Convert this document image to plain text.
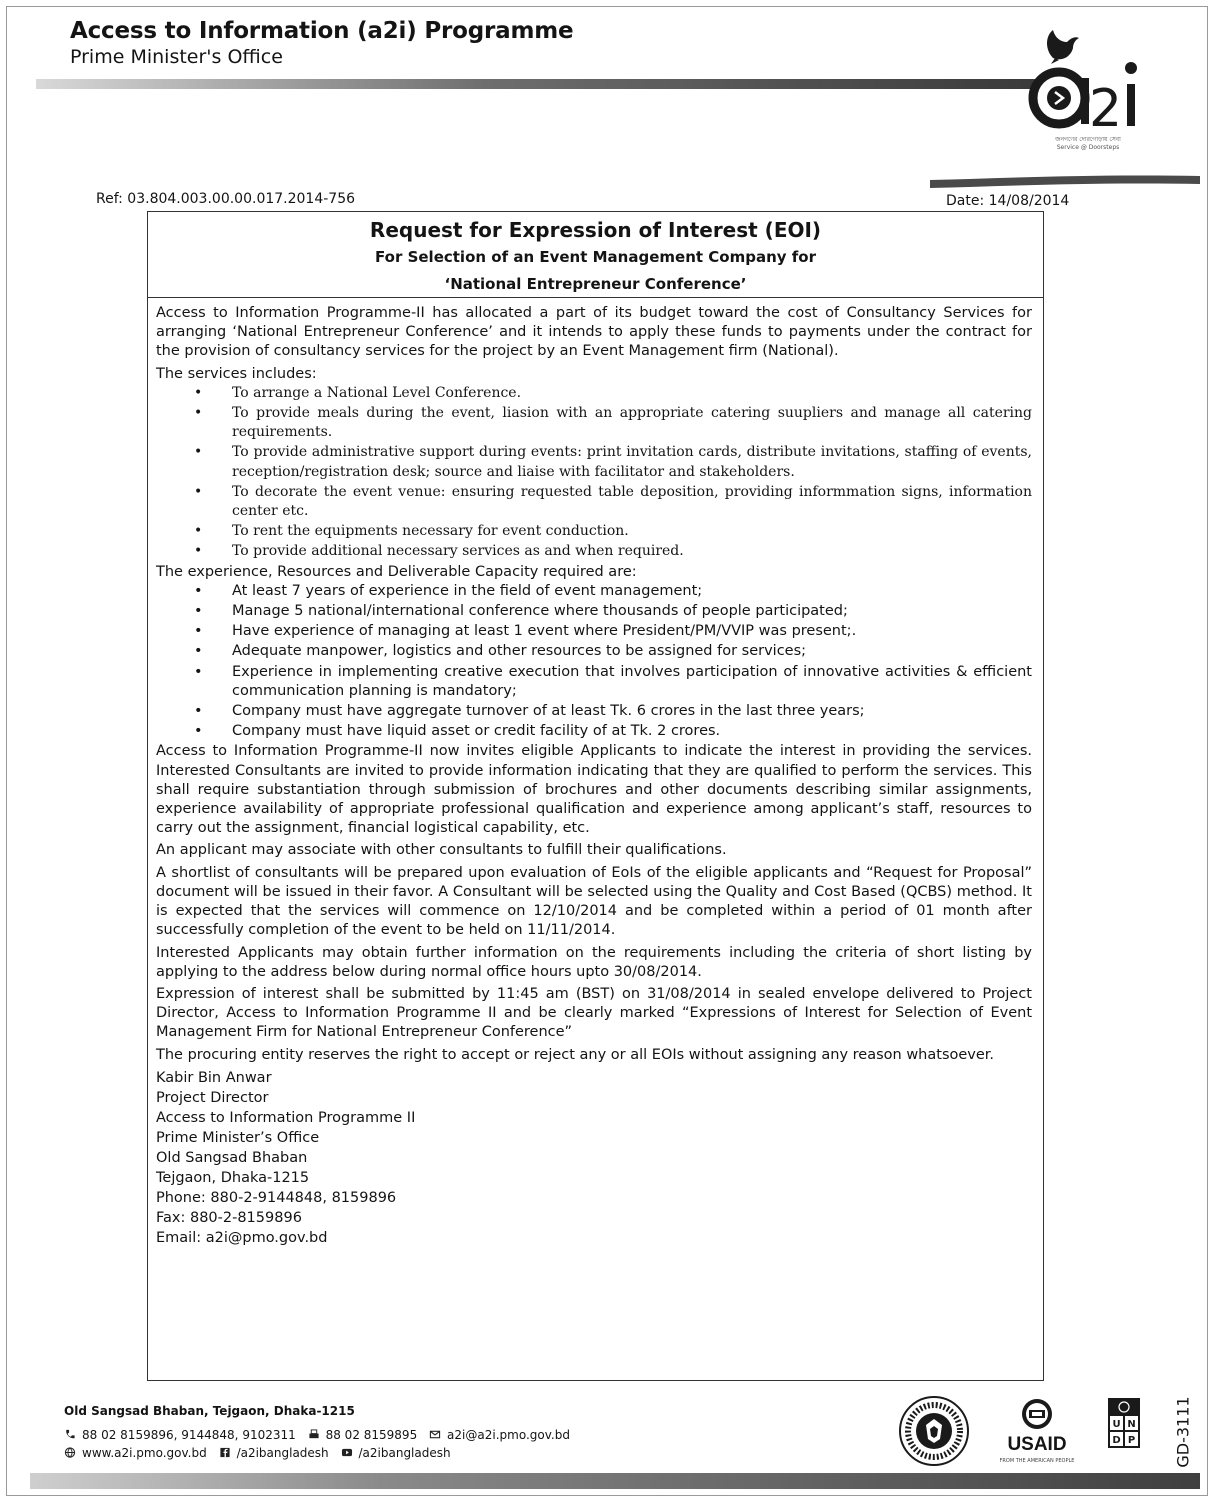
Access to Information (a2i) Programme
Prime Minister's Office
2
জনগণের দোরগোড়ায় সেবা
Service @ Doorsteps
Ref: 03.804.003.00.00.017.2014-756	Date: 14/08/2014
Request for Expression of Interest (EOI)
For Selection of an Event Management Company for
‘National Entrepreneur Conference’

Access to Information Programme-II has allocated a part of its budget toward the cost of Consultancy Services for arranging ‘National Entrepreneur Conference’ and it intends to apply these funds to payments under the contract for the provision of consultancy services for the project by an Event Management firm (National).

The services includes:

• To arrange a National Level Conference.
• To provide meals during the event, liasion with an appropriate catering suupliers and manage all catering requirements.
• To provide administrative support during events: print invitation cards, distribute invitations, staffing of events, reception/registration desk; source and liaise with facilitator and stakeholders.
• To decorate the event venue: ensuring requested table deposition, providing informmation signs, information center etc.
• To rent the equipments necessary for event conduction.
• To provide additional necessary services as and when required.

The experience, Resources and Deliverable Capacity required are:

• At least 7 years of experience in the field of event management;
• Manage 5 national/international conference where thousands of people participated;
• Have experience of managing at least 1 event where President/PM/VVIP was present;.
• Adequate manpower, logistics and other resources to be assigned for services;
• Experience in implementing creative execution that involves participation of innovative activities & efficient communication planning is mandatory;
• Company must have aggregate turnover of at least Tk. 6 crores in the last three years;
• Company must have liquid asset or credit facility of at Tk. 2 crores.

Access to Information Programme-II now invites eligible Applicants to indicate the interest in providing the services. Interested Consultants are invited to provide information indicating that they are qualified to perform the services. This shall require substantiation through submission of brochures and other documents describing similar assignments, experience availability of appropriate professional qualification and experience among applicant’s staff, resources to carry out the assignment, financial logistical capability, etc.

An applicant may associate with other consultants to fulfill their qualifications.

A shortlist of consultants will be prepared upon evaluation of EoIs of the eligible applicants and “Request for Proposal” document will be issued in their favor. A Consultant will be selected using the Quality and Cost Based (QCBS) method. It is expected that the services will commence on 12/10/2014 and be completed within a period of 01 month after successfully completion of the event to be held on 11/11/2014.

Interested Applicants may obtain further information on the requirements including the criteria of short listing by applying to the address below during normal office hours upto 30/08/2014.

Expression of interest shall be submitted by 11:45 am (BST) on 31/08/2014 in sealed envelope delivered to Project Director, Access to Information Programme II and be clearly marked “Expressions of Interest for Selection of Event Management Firm for National Entrepreneur Conference”

The procuring entity reserves the right to accept or reject any or all EOIs without assigning any reason whatsoever.

Kabir Bin Anwar
Project Director
Access to Information Programme II
Prime Minister’s Office
Old Sangsad Bhaban
Tejgaon, Dhaka-1215
Phone: 880-2-9144848, 8159896
Fax: 880-2-8159896
Email: a2i@pmo.gov.bd
Old Sangsad Bhaban, Tejgaon, Dhaka-1215
88 02 8159896, 9144848, 9102311 88 02 8159895 a2i@a2i.pmo.gov.bd
www.a2i.pmo.gov.bd /a2ibangladesh /a2ibangladesh	USAID
FROM THE AMERICAN PEOPLE
U N
D P GD-3111
